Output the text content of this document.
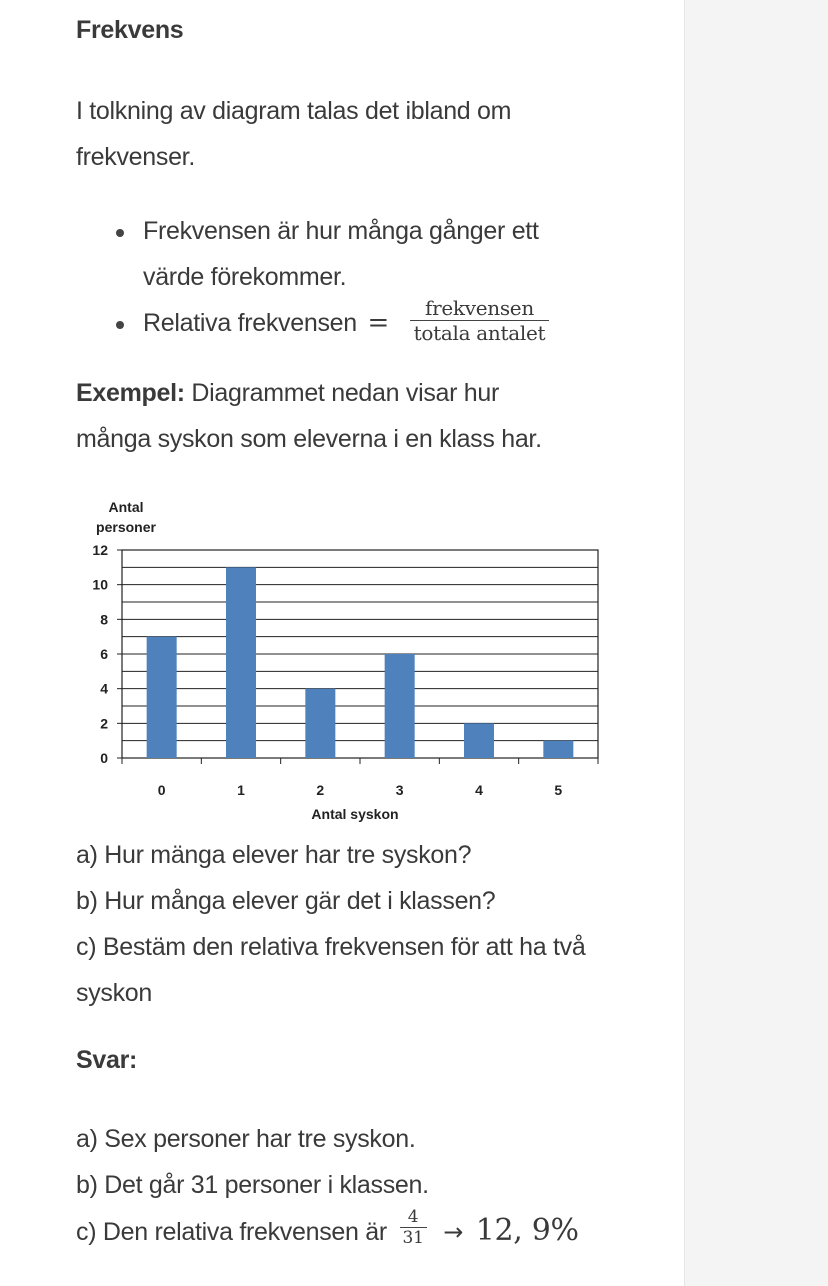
Frekvens
I tolkning av diagram talas det ibland om frekvenser.
Frekvensen är hur många gånger ett värde förekommer.
Relativa frekvensen = $\frac{\text{frekvensen}}{\text{totala antalet}}$
Exempel: Diagrammet nedan visar hur många syskon som eleverna i en klass har.
Antal
personer
0
2
4
6
8
10
12
0	1	2	3	4	5
Antal syskon

a) Hur mänga elever har tre syskon?

b) Hur många elever gär det i klassen?

c) Bestäm den relativa frekvensen för att ha två syskon

Svar:

a) Sex personer har tre syskon.

b) Det går 31 personer i klassen.

c) Den relativa frekvensen är $\frac{4}{31} \to 12$, 9%
